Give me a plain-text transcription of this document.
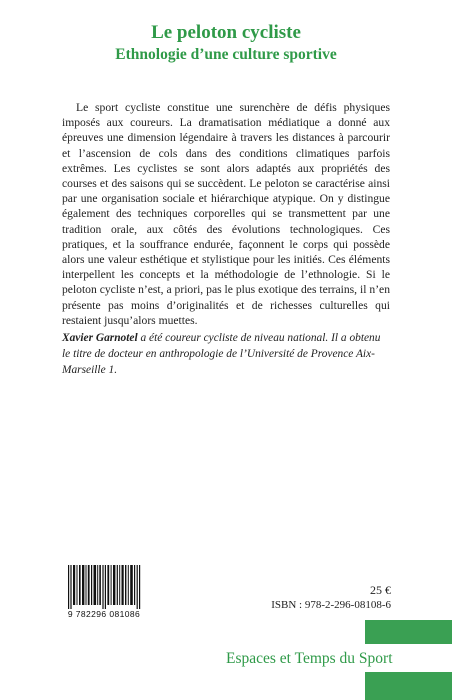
Le peloton cycliste
Ethnologie d’une culture sportive

Le sport cycliste constitue une surenchère de défis physiques imposés aux coureurs. La dramatisation médiatique a donné aux épreuves une dimension légendaire à travers les distances à parcourir et l’ascension de cols dans des conditions climatiques parfois extrêmes. Les cyclistes se sont alors adaptés aux propriétés des courses et des saisons qui se succèdent. Le peloton se caractérise ainsi par une organisation sociale et hiérarchique atypique. On y distingue également des techniques corporelles qui se transmettent par une tradition orale, aux côtés des évolutions technologiques. Ces pratiques, et la souffrance endurée, façonnent le corps qui possède alors une valeur esthétique et stylistique pour les initiés. Ces éléments interpellent les concepts et la méthodologie de l’ethnologie. Si le peloton cycliste n’est, a priori, pas le plus exotique des terrains, il n’en présente pas moins d’originalités et de richesses culturelles qui restaient jusqu’alors muettes.

Xavier Garnotel a été coureur cycliste de niveau national. Il a obtenu le titre de docteur en anthropologie de l’Université de Provence Aix-Marseille 1.

9 782296 081086
25 €
ISBN : 978-2-296-08108-6
Espaces et Temps du Sport
